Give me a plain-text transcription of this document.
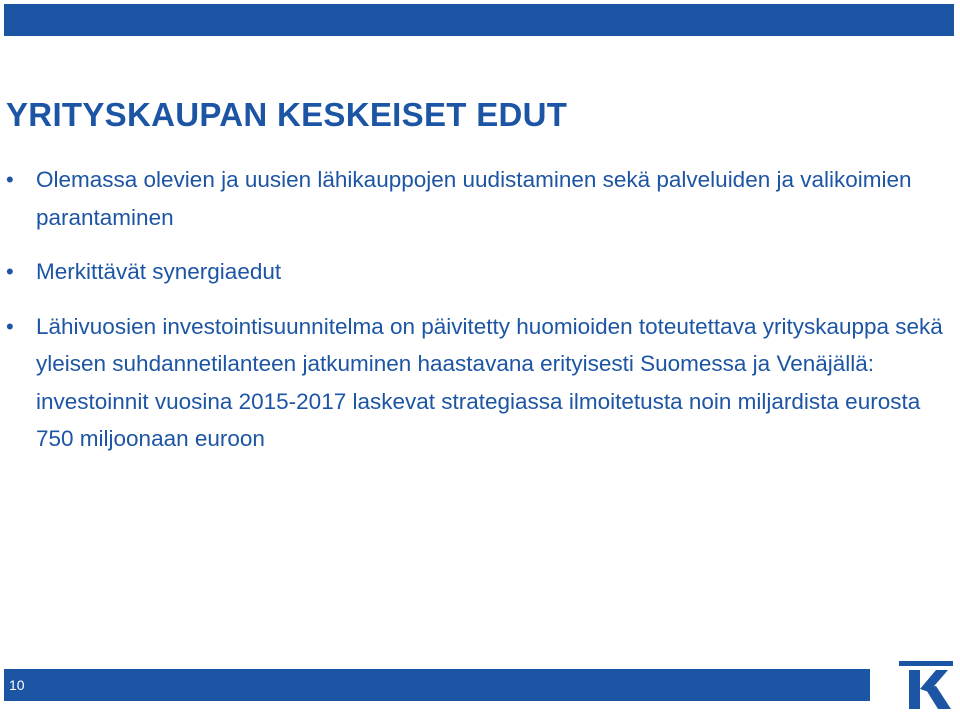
YRITYSKAUPAN KESKEISET EDUT
• Olemassa olevien ja uusien lähikauppojen uudistaminen sekä palveluiden ja valikoimien parantaminen
• Merkittävät synergiaedut
• Lähivuosien investointisuunnitelma on päivitetty huomioiden toteutettava yrityskauppa sekä yleisen suhdannetilanteen jatkuminen haastavana erityisesti Suomessa ja Venäjällä: investoinnit vuosina 2015-2017 laskevat strategiassa ilmoitetusta noin miljardista eurosta 750 miljoonaan euroon
10
